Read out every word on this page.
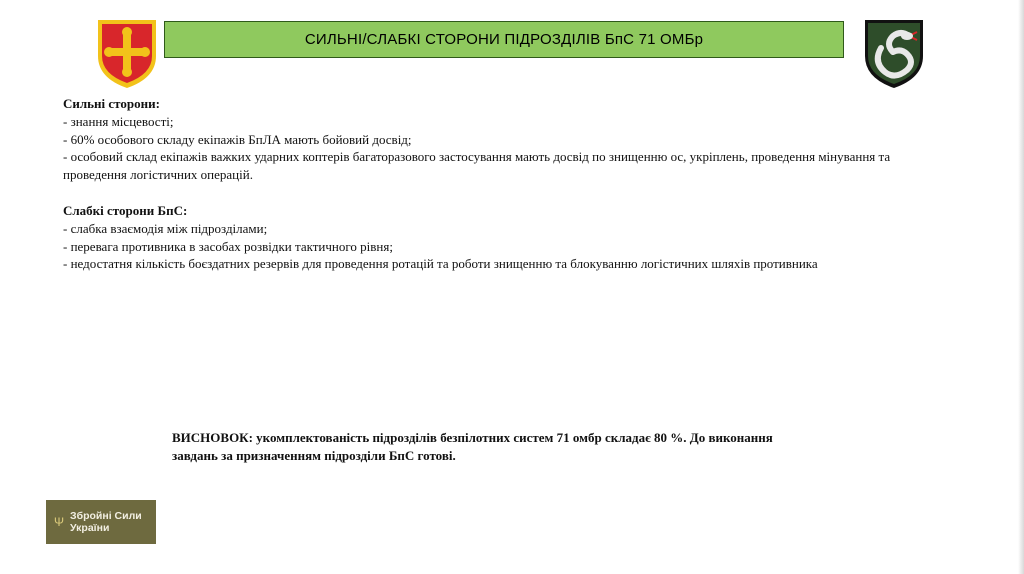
СИЛЬНІ/СЛАБКІ СТОРОНИ ПІДРОЗДІЛІВ БпС 71 ОМБр
Сильні сторони:
- знання місцевості;
- 60% особового складу екіпажів БпЛА мають бойовий досвід;
- особовий склад екіпажів важких ударних коптерів багаторазового застосування мають досвід по знищенню ос, укріплень, проведення мінування та проведення логістичних операцій.
Слабкі сторони БпС:
- слабка взаємодія між підрозділами;
- перевага противника в засобах розвідки тактичного рівня;
- недостатня кількість боєздатних резервів для проведення ротацій та роботи знищенню та блокуванню логістичних шляхів противника
ВИСНОВОК: укомплектованість підрозділів безпілотних систем 71 омбр складає 80 %. До виконання завдань за призначенням підрозділи БпС готові.
Ψ Збройні Сили
України
